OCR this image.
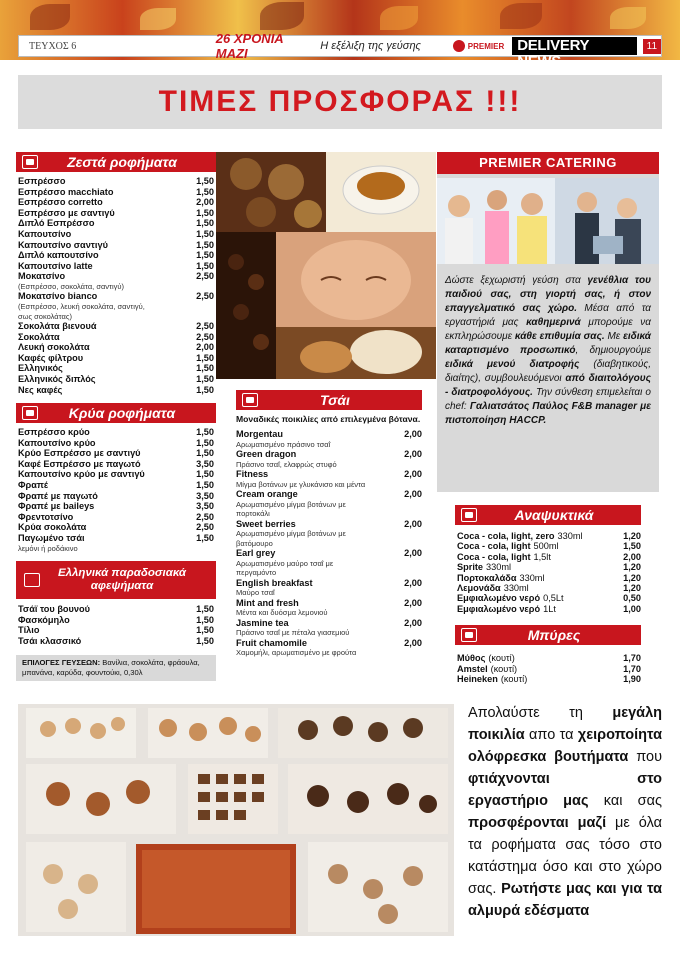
ΤΕΥΧΟΣ 6	26 ΧΡΟΝΙΑ ΜΑΖΙ	Η εξέλιξη της γεύσης	PREMIER DELIVERY NEWS
11
ΤΙΜΕΣ ΠΡΟΣΦΟΡΑΣ !!!
Ζεστά ροφήματα
Εσπρέσσο	1,50
Εσπρέσσο macchiato	1,50
Εσπρέσσο corretto	2,00
Εσπρέσσο με σαντιγύ	1,50
Διπλό Εσπρέσσο	1,50
Καπουτσίνο	1,50
Καπουτσίνο σαντιγύ	1,50
Διπλό καπουτσίνο	1,50
Καπουτσίνο latte	1,50
Μοκατσίνο	2,50
(Εσπρέσσο, σοκολάτα, σαντιγύ)
Μοκατσίνο bianco	2,50
(Εσπρέσσο, λευκή σοκολάτα, σαντιγύ, σως σοκολάτας)
Σοκολάτα βιενουά	2,50
Σοκολάτα	2,50
Λευκή σοκολάτα	2,00
Καφές φίλτρου	1,50
Ελληνικός	1,50
Ελληνικός διπλός	1,50
Νες καφές	1,50
Κρύα ροφήματα
Εσπρέσσο κρύο	1,50
Καπουτσίνο κρύο	1,50
Κρύο Εσπρέσσο με σαντιγύ	1,50
Καφέ Εσπρέσσο με παγωτό	3,50
Καπουτσίνο κρύο με σαντιγύ	1,50
Φραπέ	1,50
Φραπέ με παγωτό	3,50
Φραπέ με baileys	3,50
Φρεντοτσίνο	2,50
Κρύα σοκολάτα	2,50
Παγωμένο τσάι	1,50
λεμόνι ή ροδάκινο
Ελληνικά παραδοσιακά
αφεψήματα
Τσάϊ του βουνού	1,50
Φασκόμηλο	1,50
Τίλιο	1,50
Τσάι κλασσικό	1,50
ΕΠΙΛΟΓΕΣ ΓΕΥΣΕΩΝ: Βανίλια, σοκολάτα, φράουλα, μπανάνα, καρύδα, φουντούκι, 0,30λ
Τσάι
Μοναδικές ποικιλίες από επιλεγμένα βότανα.
Morgentau	2,00
Αρωματισμένο πράσινο τσαΐ
Green dragon	2,00
Πράσινο τσαΐ, ελαφρώς στυφό
Fitness	2,00
Μίγμα βοτάνων με γλυκάνισο και μέντα
Cream orange	2,00
Αρωματισμένο μίγμα βοτάνων με πορτοκάλι
Sweet berries	2,00
Αρωματισμένο μίγμα βοτάνων με βατόμουρο
Earl grey	2,00
Αρωματισμένο μαύρο τσαΐ με περγαμόντο
English breakfast	2,00
Μαύρο τσαΐ
Mint and fresh	2,00
Μέντα και δυόσμα λεμονιού
Jasmine tea	2,00
Πράσινο τσαΐ με πέταλα γιασεμιού
Fruit chamomile	2,00
Χαμομήλι, αρωματισμένο με φρούτα
PREMIER CATERING
Δώστε ξεχωριστή γεύση στα γενέθλια του παιδιού σας, στη γιορτή σας, ή στον επαγγελματικό σας χώρο. Μέσα από τα εργαστήριά μας καθημερινά μπορούμε να εκπληρώσουμε κάθε επιθυμία σας. Με ειδικά καταρτισμένο προσωπικό, δημιουργούμε ειδικά μενού διατροφής (διαβητικούς, διαίτης), συμβουλευόμενοι από διαιτολόγους - διατροφολόγους. Την σύνθεση επιμελείται ο chef: Γαλιατσάτος Παύλος F&B manager με πιστοποίηση HACCP.
Αναψυκτικά
Coca - cola, light, zero 330ml	1,20
Coca - cola, light 500ml	1,50
Coca - cola, light 1,5lt	2,00
Sprite 330ml	1,20
Πορτοκαλάδα 330ml	1,20
Λεμονάδα 330ml	1,20
Εμφιαλωμένο νερό 0,5Lt	0,50
Εμφιαλωμένο νερό 1Lt	1,00
Μπύρες
Μύθος (κουτί)	1,70
Amstel (κουτί)	1,70
Heineken (κουτί)	1,90
Απολαύστε τη μεγάλη ποικιλία απο τα χειροποίητα ολόφρεσκα βουτήματα που φτιάχνονται στο εργαστήριο μας και σας προσφέρονται μαζί με όλα τα ροφήματα σας τόσο στο κατάστημα όσο και στο χώρο σας. Ρωτήστε μας και για τα αλμυρά εδέσματα
